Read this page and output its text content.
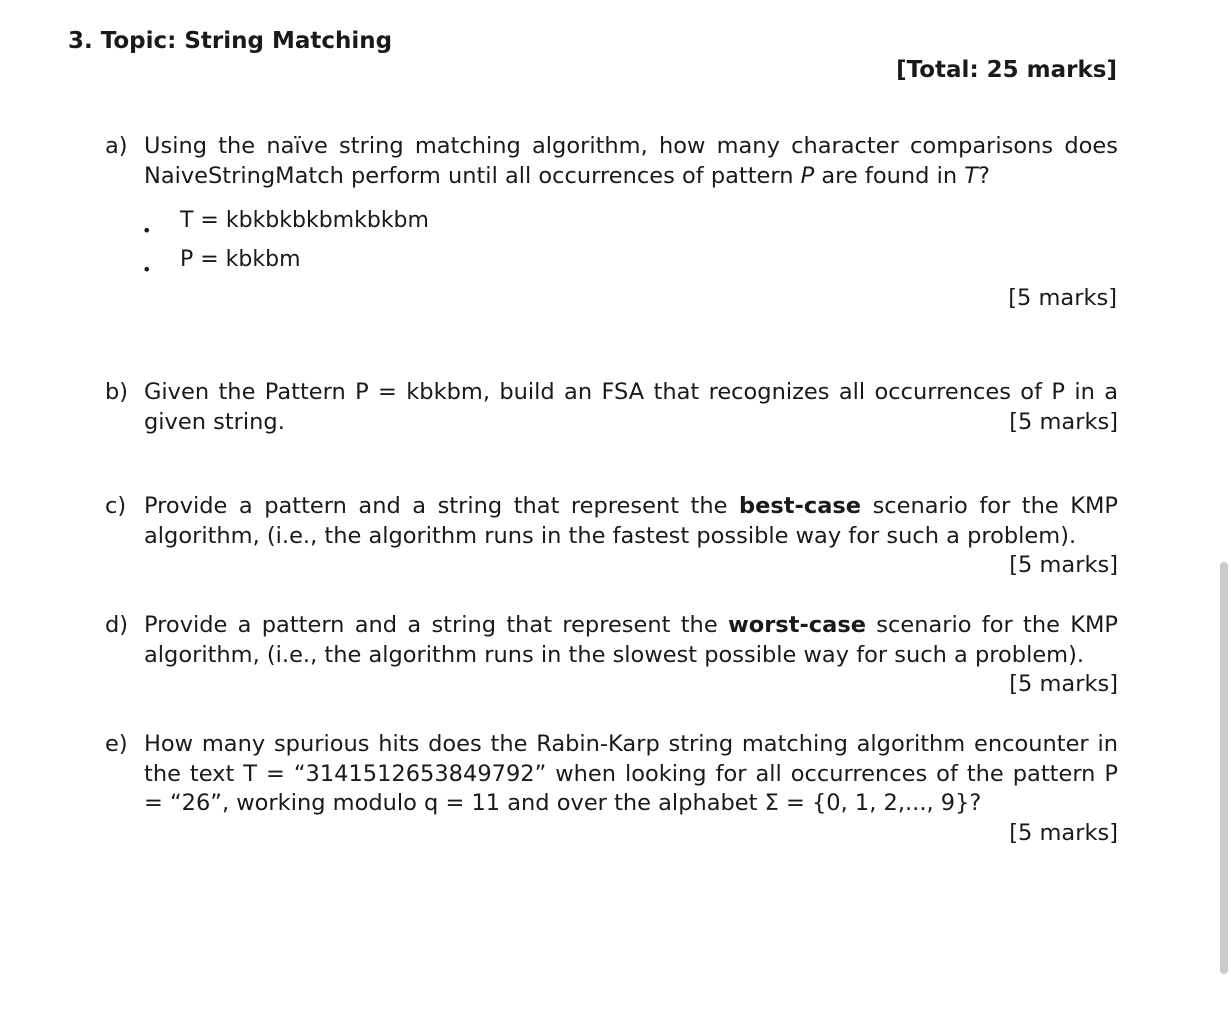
3. Topic: String Matching
[Total: 25 marks]
a) Using the naïve string matching algorithm, how many character comparisons does NaiveStringMatch perform until all occurrences of pattern P are found in T?
• T = kbkbkbkbmkbkbm
• P = kbkbm
[5 marks]
b) Given the Pattern P = kbkbm, build an FSA that recognizes all occurrences of P in a given string.	[5 marks]
c) Provide a pattern and a string that represent the best-case scenario for the KMP algorithm, (i.e., the algorithm runs in the fastest possible way for such a problem).
[5 marks]
d) Provide a pattern and a string that represent the worst-case scenario for the KMP algorithm, (i.e., the algorithm runs in the slowest possible way for such a problem).
[5 marks]
e) How many spurious hits does the Rabin-Karp string matching algorithm encounter in the text T = “3141512653849792” when looking for all occurrences of the pattern P = “26”, working modulo q = 11 and over the alphabet Σ = {0, 1, 2,..., 9}?
[5 marks]
